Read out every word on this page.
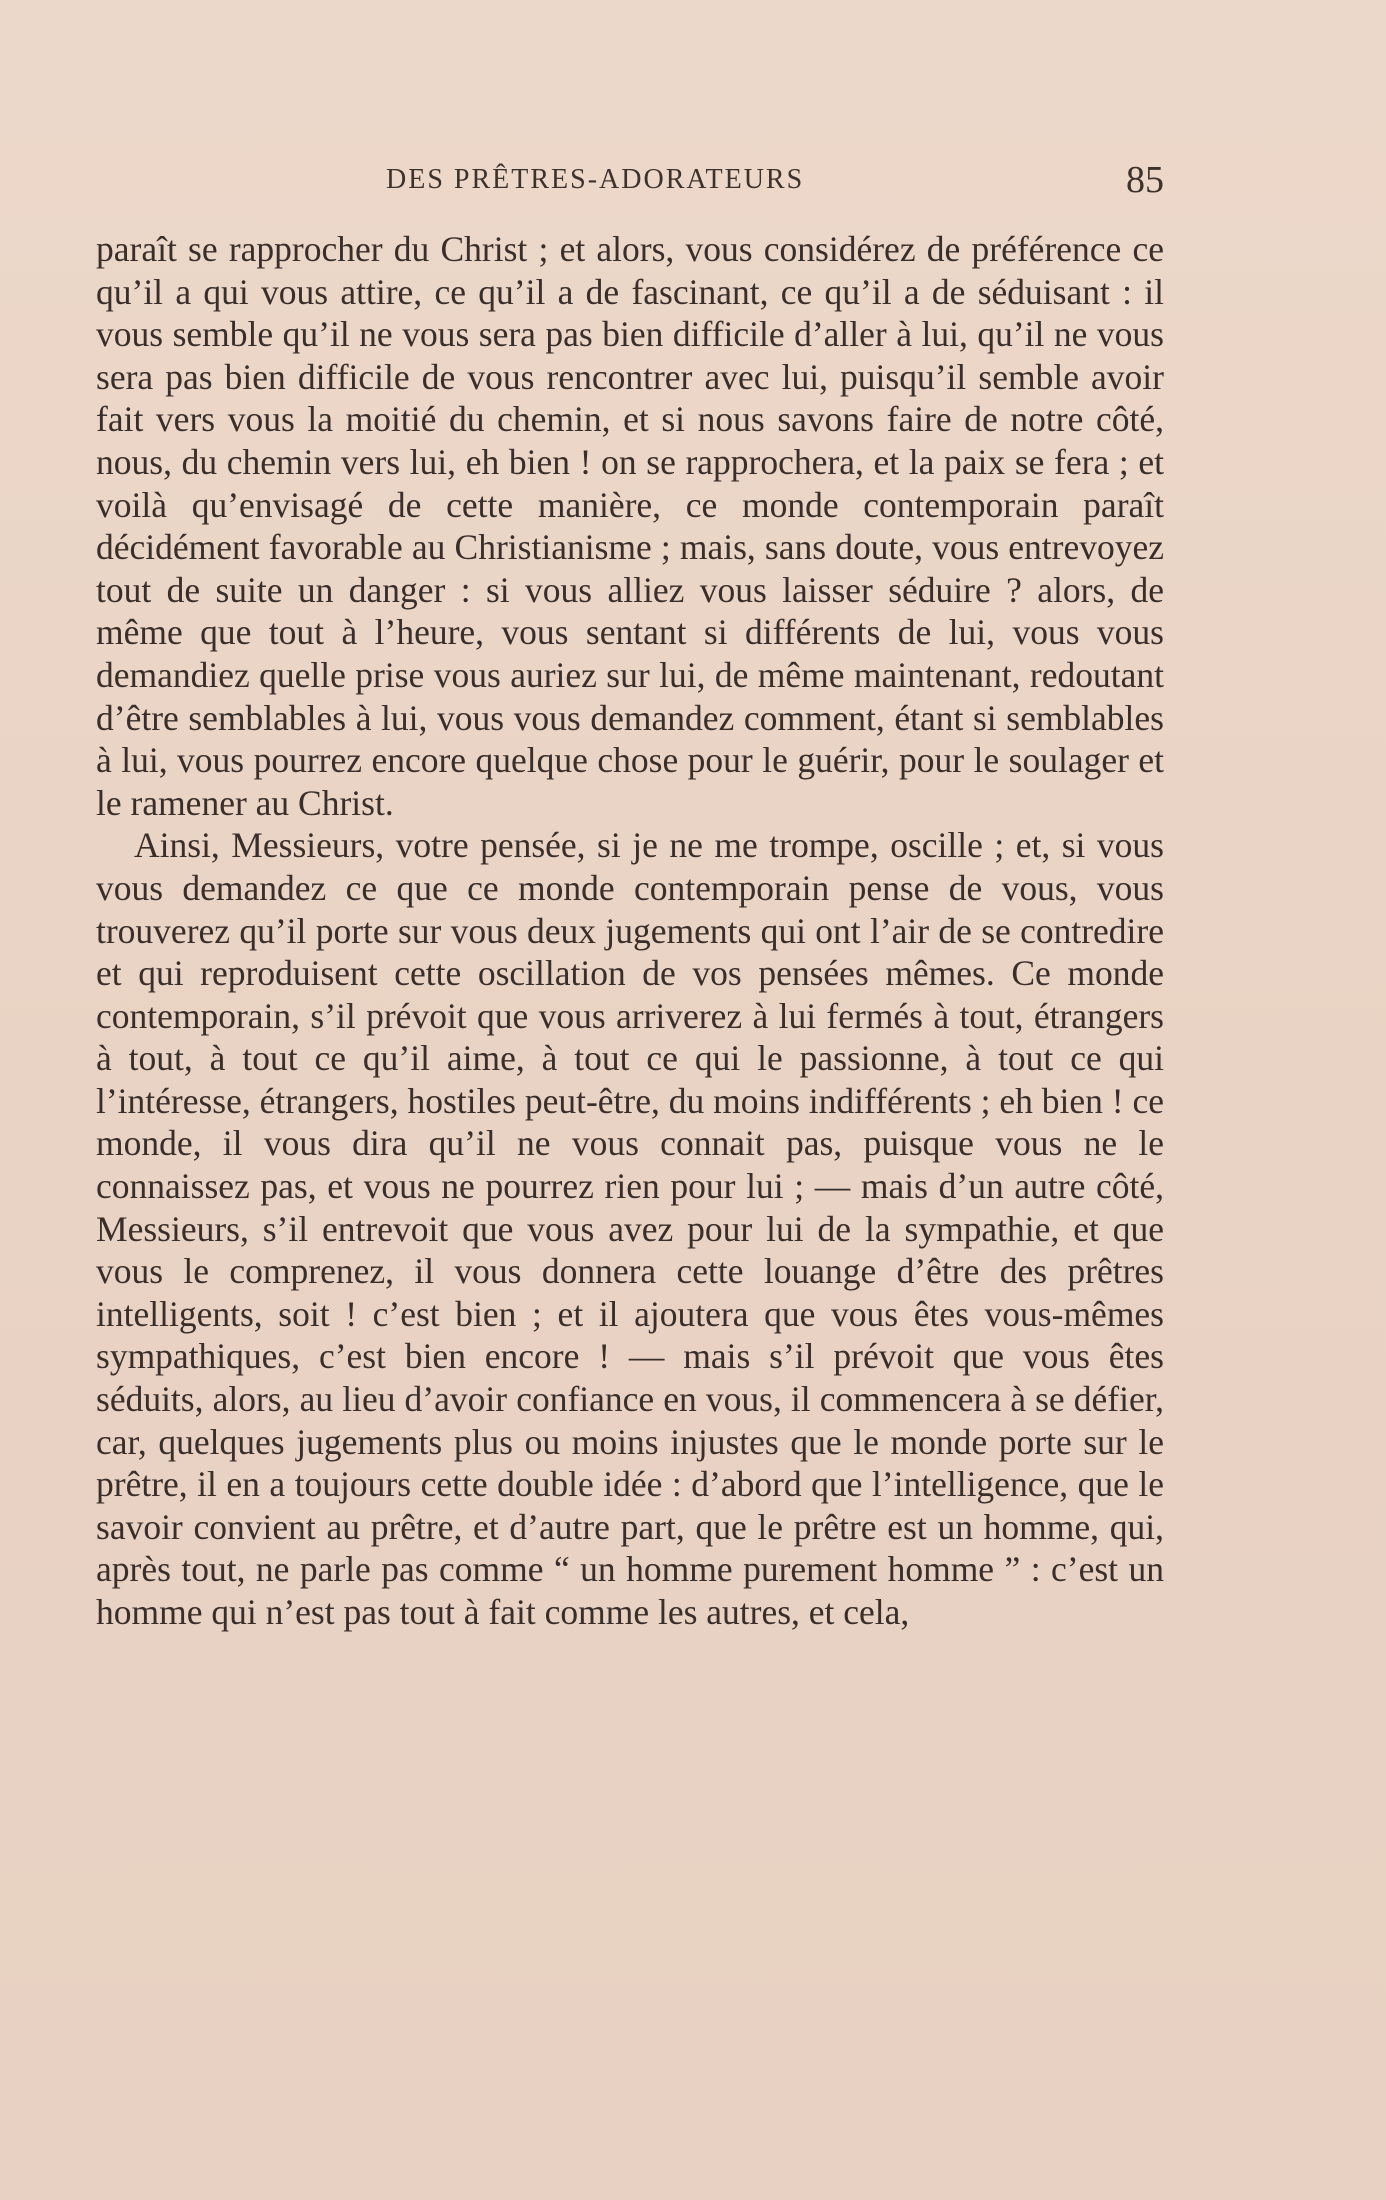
DES PRÊTRES-ADORATEURS	85

paraît se rapprocher du Christ ; et alors, vous considérez de préférence ce qu’il a qui vous attire, ce qu’il a de fascinant, ce qu’il a de séduisant : il vous semble qu’il ne vous sera pas bien difficile d’aller à lui, qu’il ne vous sera pas bien difficile de vous rencontrer avec lui, puisqu’il semble avoir fait vers vous la moitié du chemin, et si nous savons faire de notre côté, nous, du chemin vers lui, eh bien ! on se rapprochera, et la paix se fera ; et voilà qu’envisagé de cette manière, ce monde contemporain paraît décidément favorable au Christianisme ; mais, sans doute, vous entrevoyez tout de suite un danger : si vous alliez vous laisser séduire ? alors, de même que tout à l’heure, vous sentant si différents de lui, vous vous demandiez quelle prise vous auriez sur lui, de même maintenant, redoutant d’être semblables à lui, vous vous demandez comment, étant si semblables à lui, vous pourrez encore quelque chose pour le guérir, pour le soulager et le ramener au Christ.

Ainsi, Messieurs, votre pensée, si je ne me trompe, oscille ; et, si vous vous demandez ce que ce monde contemporain pense de vous, vous trouverez qu’il porte sur vous deux jugements qui ont l’air de se contredire et qui reproduisent cette oscillation de vos pensées mêmes. Ce monde contemporain, s’il prévoit que vous arriverez à lui fermés à tout, étrangers à tout, à tout ce qu’il aime, à tout ce qui le passionne, à tout ce qui l’intéresse, étrangers, hostiles peut-être, du moins indifférents ; eh bien ! ce monde, il vous dira qu’il ne vous connait pas, puisque vous ne le connaissez pas, et vous ne pourrez rien pour lui ; — mais d’un autre côté, Messieurs, s’il entrevoit que vous avez pour lui de la sympathie, et que vous le comprenez, il vous donnera cette louange d’être des prêtres intelligents, soit ! c’est bien ; et il ajoutera que vous êtes vous-mêmes sympathiques, c’est bien encore ! — mais s’il prévoit que vous êtes séduits, alors, au lieu d’avoir confiance en vous, il commencera à se défier, car, quelques jugements plus ou moins injustes que le monde porte sur le prêtre, il en a toujours cette double idée : d’abord que l’intelligence, que le savoir convient au prêtre, et d’autre part, que le prêtre est un homme, qui, après tout, ne parle pas comme “ un homme purement homme ” : c’est un homme qui n’est pas tout à fait comme les autres, et cela,
